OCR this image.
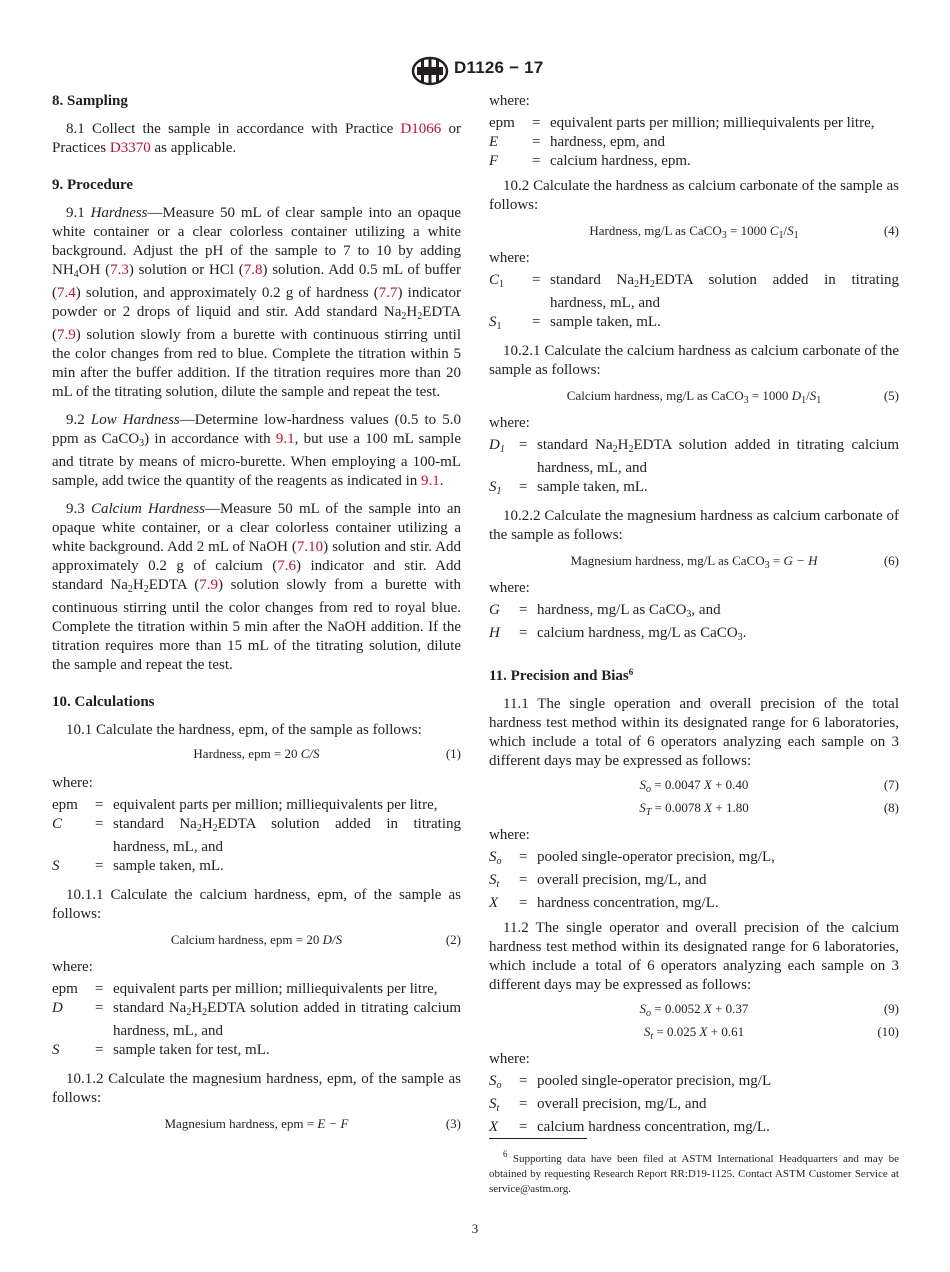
D1126 − 17
8. Sampling

8.1 Collect the sample in accordance with Practice D1066 or Practices D3370 as applicable.

9. Procedure

9.1 Hardness—Measure 50 mL of clear sample into an opaque white container or a clear colorless container utilizing a white background. Adjust the pH of the sample to 7 to 10 by adding $NH_4OH$ (7.3) solution or HCl (7.8) solution. Add 0.5 mL of buffer (7.4) solution, and approximately 0.2 g of hardness (7.7) indicator powder or 2 drops of liquid and stir. Add standard $Na_2H_2EDTA$ (7.9) solution slowly from a burette with continuous stirring until the color changes from red to blue. Complete the titration within 5 min after the buffer addition. If the titration requires more than 20 mL of the titrating solution, dilute the sample and repeat the test.

9.2 Low Hardness—Determine low-hardness values (0.5 to 5.0 ppm as CaCO$_3$) in accordance with 9.1, but use a 100 mL sample and titrate by means of micro-burette. When employing a 100-mL sample, add twice the quantity of the reagents as indicated in 9.1.

9.3 Calcium Hardness—Measure 50 mL of the sample into an opaque white container, or a clear colorless container utilizing a white background. Add 2 mL of NaOH (7.10) solution and stir. Add approximately 0.2 g of calcium (7.6) indicator and stir. Add standard $Na_2H_2EDTA$ (7.9) solution slowly from a burette with continuous stirring until the color changes from red to royal blue. Complete the titration within 5 min after the NaOH addition. If the titration requires more than 15 mL of the titrating solution, dilute the sample and repeat the test.

10. Calculations

10.1 Calculate the hardness, epm, of the sample as follows:

Hardness, epm = 20 C/S	(1)

where:

epm	= equivalent parts per million; milliequivalents per litre,
C	= standard $Na_2H_2EDTA$ solution added in titrating hardness, mL, and
S	= sample taken, mL.

10.1.1 Calculate the calcium hardness, epm, of the sample as follows:

Calcium hardness, epm = 20 D/S	(2)

where:

epm	= equivalent parts per million; milliequivalents per litre,
D	= standard $Na_2H_2EDTA$ solution added in titrating calcium hardness, mL, and
S	= sample taken for test, mL.

10.1.2 Calculate the magnesium hardness, epm, of the sample as follows:

Magnesium hardness, epm = E − F	(3)

where:

epm	= equivalent parts per million; milliequivalents per litre,
E	= hardness, epm, and
F	= calcium hardness, epm.

10.2 Calculate the hardness as calcium carbonate of the sample as follows:

Hardness, mg/L as CaCO$_3$ = 1000 $C_1/S_1$	(4)

where:

$C_1$	= standard $Na_2H_2EDTA$ solution added in titrating hardness, mL, and
$S_1$	= sample taken, mL.

10.2.1 Calculate the calcium hardness as calcium carbonate of the sample as follows:

Calcium hardness, mg/L as CaCO$_3$ = 1000 $D_1/S_1$	(5)

where:

$D_1$ = standard $Na_2H_2EDTA$ solution added in titrating calcium hardness, mL, and
$S_1$	= sample taken, mL.

10.2.2 Calculate the magnesium hardness as calcium carbonate of the sample as follows:

Magnesium hardness, mg/L as CaCO$_3$ = G − H	(6)

where:

G	= hardness, mg/L as CaCO$_3$, and
H	= calcium hardness, mg/L as CaCO$_3$.
11. Precision and Bias$^6$

11.1 The single operation and overall precision of the total hardness test method within its designated range for 6 laboratories, which include a total of 6 operators analyzing each sample on 3 different days may be expressed as follows:

$S_o = 0.0047$ X + 0.40	(7)
$S_T = 0.0078$ X + 1.80	(8)

where:

$S_o$	= pooled single-operator precision, mg/L,
$S_t$	= overall precision, mg/L, and
X	= hardness concentration, mg/L.

11.2 The single operator and overall precision of the calcium hardness test method within its designated range for 6 laboratories, which include a total of 6 operators analyzing each sample on 3 different days may be expressed as follows:

$S_o = 0.0052$ X + 0.37	(9)
$S_t = 0.025$ X + 0.61	(10)

where:

$S_o$	= pooled single-operator precision, mg/L
$S_t$	= overall precision, mg/L, and
X	= calcium hardness concentration, mg/L.
$^6$ Supporting data have been filed at ASTM International Headquarters and may be obtained by requesting Research Report RR:D19-1125. Contact ASTM Customer Service at service@astm.org.
3
